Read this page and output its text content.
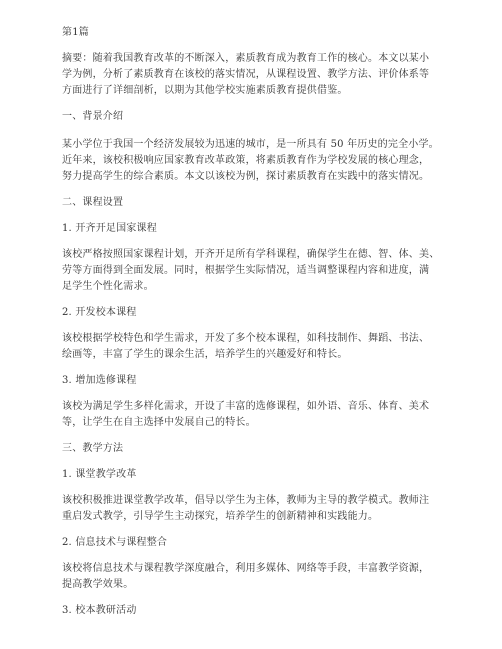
第1篇
摘要：随着我国教育改革的不断深入，素质教育成为教育工作的核心。本文以某小
学为例，分析了素质教育在该校的落实情况，从课程设置、教学方法、评价体系等
方面进行了详细剖析，以期为其他学校实施素质教育提供借鉴。
一、背景介绍
某小学位于我国一个经济发展较为迅速的城市，是一所具有 50 年历史的完全小学。
近年来，该校积极响应国家教育改革政策，将素质教育作为学校发展的核心理念，
努力提高学生的综合素质。本文以该校为例，探讨素质教育在实践中的落实情况。
二、课程设置
1. 开齐开足国家课程
该校严格按照国家课程计划，开齐开足所有学科课程，确保学生在德、智、体、美、
劳等方面得到全面发展。同时，根据学生实际情况，适当调整课程内容和进度，满
足学生个性化需求。
2. 开发校本课程
该校根据学校特色和学生需求，开发了多个校本课程，如科技制作、舞蹈、书法、
绘画等，丰富了学生的课余生活，培养学生的兴趣爱好和特长。
3. 增加选修课程
该校为满足学生多样化需求，开设了丰富的选修课程，如外语、音乐、体育、美术
等，让学生在自主选择中发展自己的特长。
三、教学方法
1. 课堂教学改革
该校积极推进课堂教学改革，倡导以学生为主体，教师为主导的教学模式。教师注
重启发式教学，引导学生主动探究，培养学生的创新精神和实践能力。
2. 信息技术与课程整合
该校将信息技术与课程教学深度融合，利用多媒体、网络等手段，丰富教学资源，
提高教学效果。
3. 校本教研活动
